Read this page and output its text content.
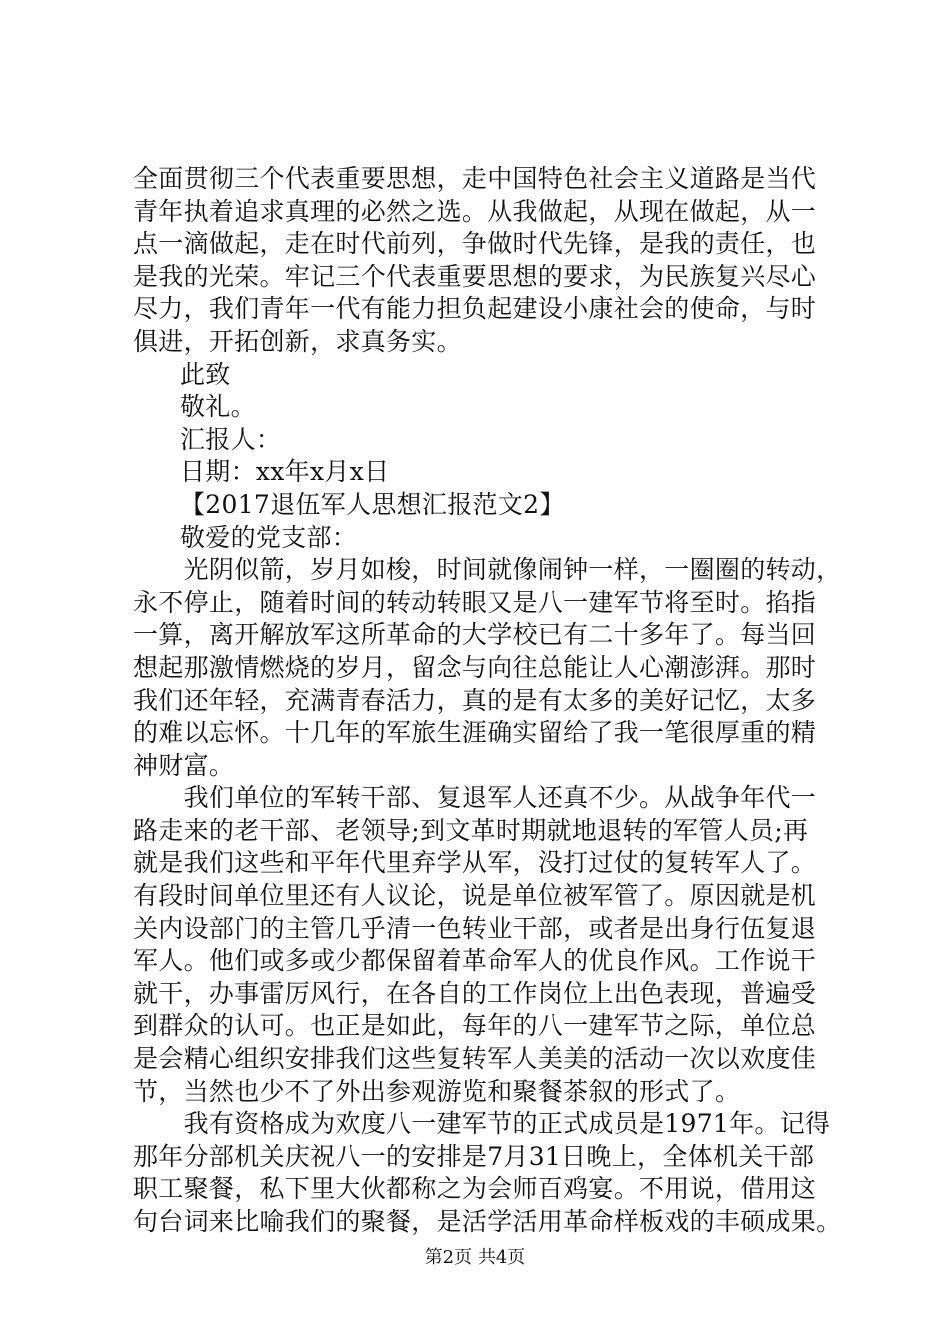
全面贯彻三个代表重要思想，走中国特色社会主义道路是当代
青年执着追求真理的必然之选。从我做起，从现在做起，从一
点一滴做起，走在时代前列，争做时代先锋，是我的责任，也
是我的光荣。牢记三个代表重要思想的要求，为民族复兴尽心
尽力，我们青年一代有能力担负起建设小康社会的使命，与时
俱进，开拓创新，求真务实。
此致
敬礼。
汇报人：
日期：xx年x月x日
【2017退伍军人思想汇报范文2】
敬爱的党支部：
　　光阴似箭，岁月如梭，时间就像闹钟一样，一圈圈的转动，
永不停止，随着时间的转动转眼又是八一建军节将至时。掐指
一算，离开解放军这所革命的大学校已有二十多年了。每当回
想起那激情燃烧的岁月，留念与向往总能让人心潮澎湃。那时
我们还年轻，充满青春活力，真的是有太多的美好记忆，太多
的难以忘怀。十几年的军旅生涯确实留给了我一笔很厚重的精
神财富。
　　我们单位的军转干部、复退军人还真不少。从战争年代一
路走来的老干部、老领导;到文革时期就地退转的军管人员;再
就是我们这些和平年代里弃学从军，没打过仗的复转军人了。
有段时间单位里还有人议论，说是单位被军管了。原因就是机
关内设部门的主管几乎清一色转业干部，或者是出身行伍复退
军人。他们或多或少都保留着革命军人的优良作风。工作说干
就干，办事雷厉风行，在各自的工作岗位上出色表现，普遍受
到群众的认可。也正是如此，每年的八一建军节之际，单位总
是会精心组织安排我们这些复转军人美美的活动一次以欢度佳
节，当然也少不了外出参观游览和聚餐茶叙的形式了。
　　我有资格成为欢度八一建军节的正式成员是1971年。记得
那年分部机关庆祝八一的安排是7月31日晚上，全体机关干部
职工聚餐，私下里大伙都称之为会师百鸡宴。不用说，借用这
句台词来比喻我们的聚餐，是活学活用革命样板戏的丰硕成果。
第2页 共4页
